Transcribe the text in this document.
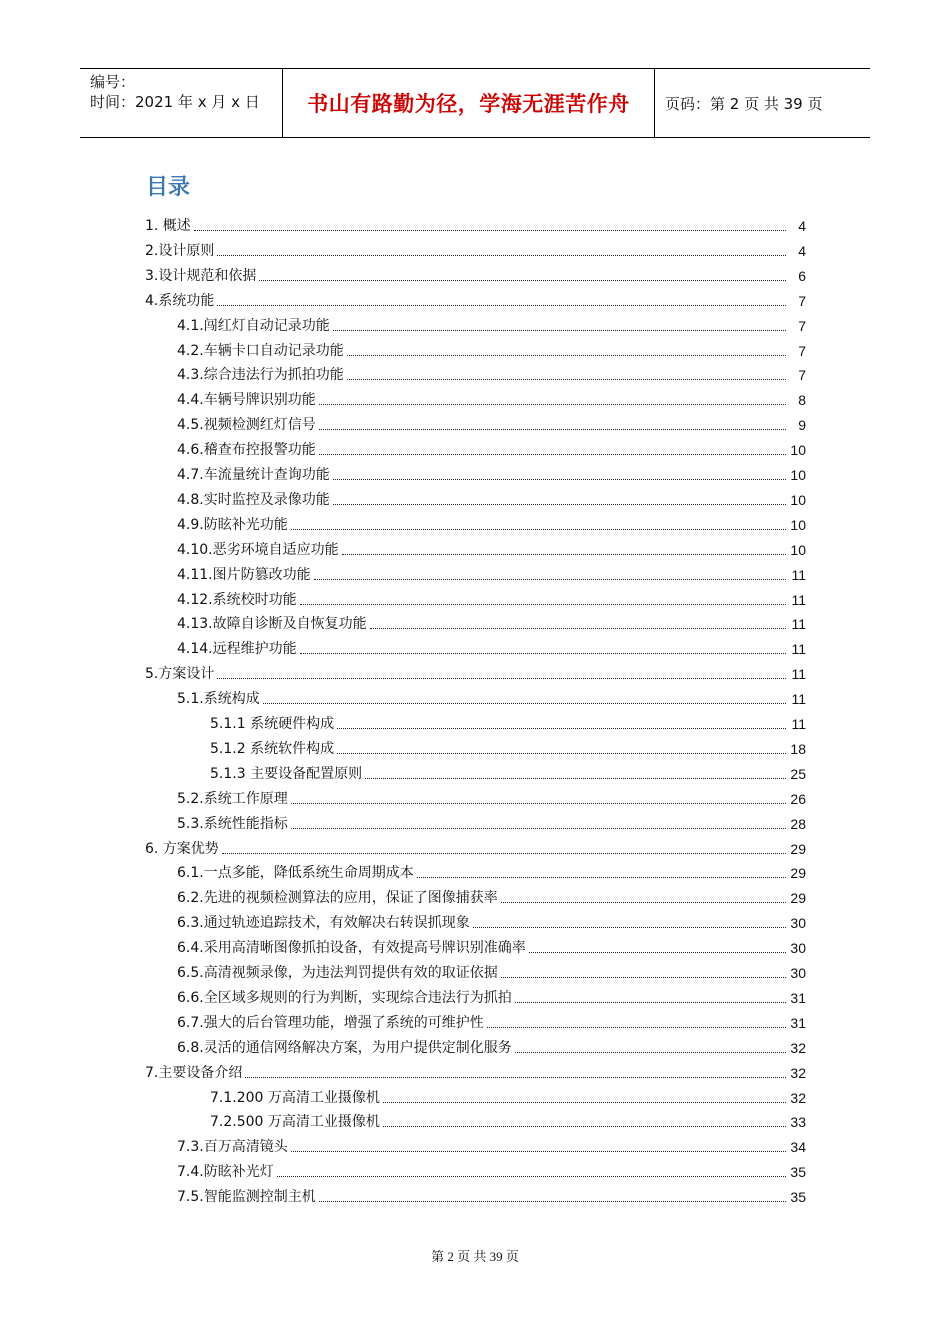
编号：
时间：2021 年 x 月 x 日 书山有路勤为径，学海无涯苦作舟 页码：第 2 页 共 39 页
目录
1. 概述	4
2.设计原则	4
3.设计规范和依据	6
4.系统功能	7
4.1.闯红灯自动记录功能	7
4.2.车辆卡口自动记录功能	7
4.3.综合违法行为抓拍功能	7
4.4.车辆号牌识别功能	8
4.5.视频检测红灯信号	9
4.6.稽查布控报警功能	10
4.7.车流量统计查询功能	10
4.8.实时监控及录像功能	10
4.9.防眩补光功能	10
4.10.恶劣环境自适应功能	10
4.11.图片防篡改功能	11
4.12.系统校时功能	11
4.13.故障自诊断及自恢复功能	11
4.14.远程维护功能	11
5.方案设计	11
5.1.系统构成	11
5.1.1 系统硬件构成	11
5.1.2 系统软件构成	18
5.1.3 主要设备配置原则	25
5.2.系统工作原理	26
5.3.系统性能指标	28
6. 方案优势	29
6.1.一点多能，降低系统生命周期成本	29
6.2.先进的视频检测算法的应用，保证了图像捕获率	29
6.3.通过轨迹追踪技术，有效解决右转误抓现象	30
6.4.采用高清晰图像抓拍设备，有效提高号牌识别准确率	30
6.5.高清视频录像，为违法判罚提供有效的取证依据	30
6.6.全区域多规则的行为判断，实现综合违法行为抓拍	31
6.7.强大的后台管理功能，增强了系统的可维护性	31
6.8.灵活的通信网络解决方案，为用户提供定制化服务	32
7.主要设备介绍	32
7.1.200 万高清工业摄像机	32
7.2.500 万高清工业摄像机	33
7.3.百万高清镜头	34
7.4.防眩补光灯	35
7.5.智能监测控制主机	35
第 2 页 共 39 页
